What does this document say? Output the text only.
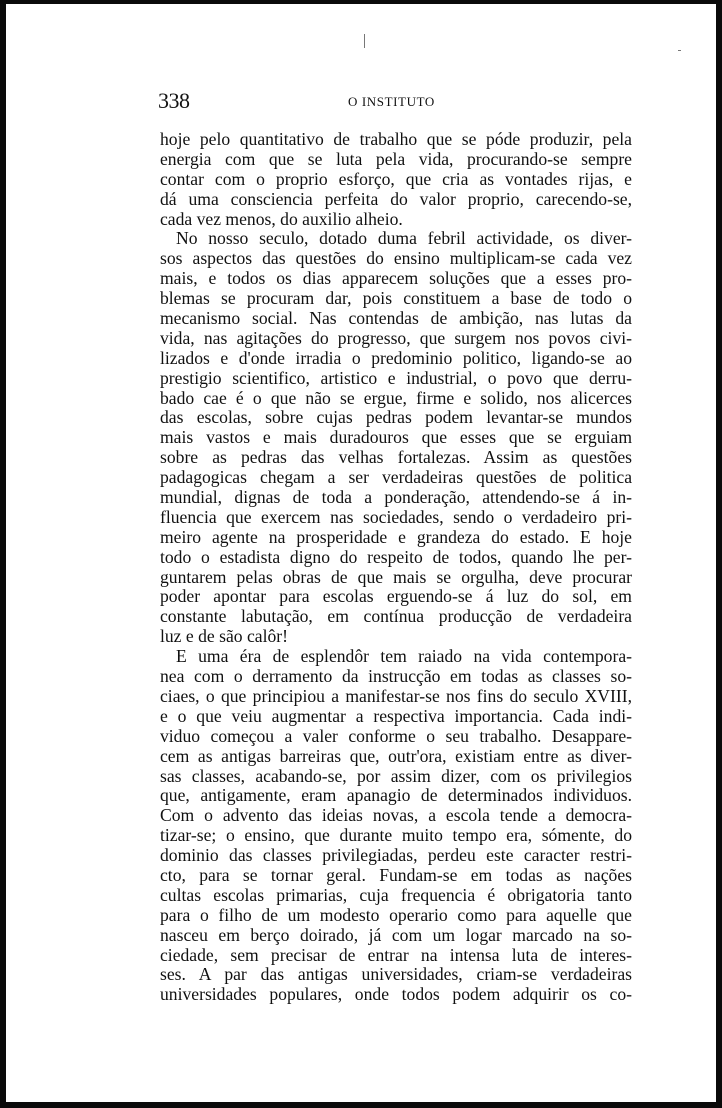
338	O INSTITUTO
hoje pelo quantitativo de trabalho que se póde produzir, pela
energia com que se luta pela vida, procurando-se sempre
contar com o proprio esforço, que cria as vontades rijas, e
dá uma consciencia perfeita do valor proprio, carecendo-se,
cada vez menos, do auxilio alheio.
No nosso seculo, dotado duma febril actividade, os diver-
sos aspectos das questões do ensino multiplicam-se cada vez
mais, e todos os dias apparecem soluções que a esses pro-
blemas se procuram dar, pois constituem a base de todo o
mecanismo social. Nas contendas de ambição, nas lutas da
vida, nas agitações do progresso, que surgem nos povos civi-
lizados e d'onde irradia o predominio politico, ligando-se ao
prestigio scientifico, artistico e industrial, o povo que derru-
bado cae é o que não se ergue, firme e solido, nos alicerces
das escolas, sobre cujas pedras podem levantar-se mundos
mais vastos e mais duradouros que esses que se erguiam
sobre as pedras das velhas fortalezas. Assim as questões
padagogicas chegam a ser verdadeiras questões de politica
mundial, dignas de toda a ponderação, attendendo-se á in-
fluencia que exercem nas sociedades, sendo o verdadeiro pri-
meiro agente na prosperidade e grandeza do estado. E hoje
todo o estadista digno do respeito de todos, quando lhe per-
guntarem pelas obras de que mais se orgulha, deve procurar
poder apontar para escolas erguendo-se á luz do sol, em
constante labutação, em contínua producção de verdadeira
luz e de são calôr!
E uma éra de esplendôr tem raiado na vida contempora-
nea com o derramento da instrucção em todas as classes so-
ciaes, o que principiou a manifestar-se nos fins do seculo XVIII,
e o que veiu augmentar a respectiva importancia. Cada indi-
viduo começou a valer conforme o seu trabalho. Desappare-
cem as antigas barreiras que, outr'ora, existiam entre as diver-
sas classes, acabando-se, por assim dizer, com os privilegios
que, antigamente, eram apanagio de determinados individuos.
Com o advento das ideias novas, a escola tende a democra-
tizar-se; o ensino, que durante muito tempo era, sómente, do
dominio das classes privilegiadas, perdeu este caracter restri-
cto, para se tornar geral. Fundam-se em todas as nações
cultas escolas primarias, cuja frequencia é obrigatoria tanto
para o filho de um modesto operario como para aquelle que
nasceu em berço doirado, já com um logar marcado na so-
ciedade, sem precisar de entrar na intensa luta de interes-
ses. A par das antigas universidades, criam-se verdadeiras
universidades populares, onde todos podem adquirir os co-
